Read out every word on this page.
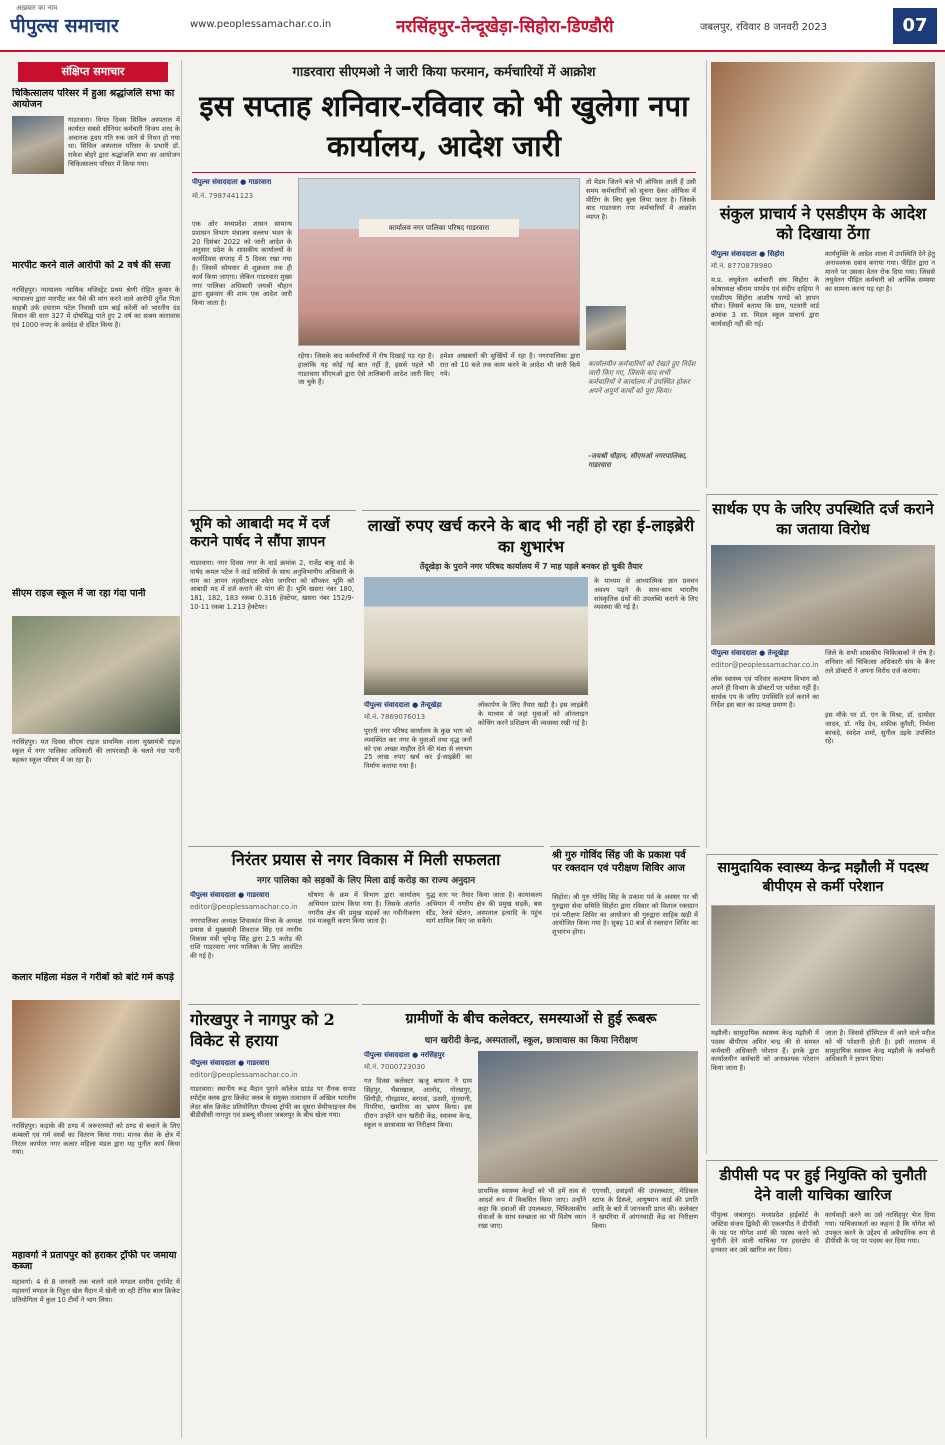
अख़बार का नाम
पीपुल्स समाचार	www.peoplessamachar.co.in	नरसिंहपुर-तेन्दूखेड़ा-सिहोरा-डिण्डौरी	जबलपुर, रविवार 8 जनवरी 2023	07
संक्षिप्त समाचार
चिकित्सालय परिसर में हुआ श्रद्धांजलि सभा का आयोजन
गाडरवारा। विगत दिवस सिविल अस्पताल में कार्यरत सबसे सीनियर कर्मचारी विजय शरद के अचानक हृदय गति रुक जाने से निधन हो गया था। सिविल अस्पताल परिसर के प्रभारी डॉ. राकेश बोहरे द्वारा श्रद्धांजलि सभा का आयोजन चिकित्सालय परिसर में किया गया।
मारपीट करने वाले आरोपी को 2 वर्ष की सजा
नरसिंहपुर। न्यायालय न्यायिक मजिस्ट्रेट प्रथम श्रेणी रोहित कुमार के न्यायालय द्वारा मारपीट कर पैसे की मांग करने वाले आरोपी दुर्गेश पिता साहबी उर्फ दयाराम पटेल निवासी ग्राम बाई करेली को भारतीय दंड विधान की धारा 327 में दोषसिद्ध पाते हुए 2 वर्ष का सश्रम कारावास एवं 1000 रुपए के अर्थदंड से दंडित किया है।
सीएम राइज स्कूल में जा रहा गंदा पानी
नरसिंहपुर। मत दिवस सीएम राइज प्राथमिक शाला मुख्यमंत्री राइज स्कूल में नगर पालिका अधिकारी की लापरवाही के चलते गंदा पानी बहकर स्कूल परिसर में जा रहा है।
कलार महिला मंडल ने गरीबों को बांटे गर्म कपड़े
नरसिंहपुर। कड़ाके की ठण्ड में जरूरतमंदों को ठण्ड से बचाने के लिए कम्बलों एवं गर्म वस्त्रों का वितरण किया गया। मानव सेवा के क्षेत्र में निरंतर कार्यरत नगर कलार महिला मंडल द्वारा यह पुनीत कार्य किया गया।
महावर्गा ने प्रतापपुर को हराकर ट्रॉफी पर जमाया कब्जा
महावर्गा। 4 से 8 जनवरी तक चलने वाले मण्डल स्तरीय टूर्नामेंट में महावर्गा मण्डल के निहुरा खेल मैदान में खेली जा रही टेनिस बाल क्रिकेट प्रतियोगिता में कुल 10 टीमों ने भाग लिया।
गाडरवारा सीएमओ ने जारी किया फरमान, कर्मचारियों में आक्रोश
इस सप्ताह शनिवार-रविवार को भी खुलेगा नपा कार्यालय, आदेश जारी
पीपुल्स संवाददाता ● गाडरवारा
मो.नं. 7987441123
एक ओर मध्यप्रदेश शासन सामान्य प्रशासन विभाग मंत्रालय वल्लभ भवन के 20 दिसंबर 2022 को जारी आदेश के अनुसार प्रदेश के शासकीय कार्यालयों के कार्यदिवस सप्ताह में 5 दिवस रखा गया है। जिसमें सोमवार से शुक्रवार तक ही कार्य किया जाएगा। लेकिन गाडरवारा मुख्य नगर पालिका अधिकारी जयश्री चौहान द्वारा शुक्रवार की शाम एक आदेश जारी किया जाता है।
कार्यालय नगर पालिका परिषद गाडरवारा
रहेगा। जिसके बाद कर्मचारियों में रोष दिखाई पड़ रहा है। हालांकि यह कोई नई बात नहीं है, इससे पहले भी गाडरवारा सीएमओ द्वारा ऐसे तालिबानी आदेश जारी किए जा चुके हैं।
हमेशा अखबारों की सुर्खियों में रहा है। नगरपालिका द्वारा रात को 10 बजे तक काम करने के आदेश भी जारी किये गये।
तो मेडम जितने बजे भी ऑफिस आती हैं उसी समय कर्मचारियों को सूचना देकर ऑफिस में मीटिंग के लिए बुला लिया जाता है। जिसके बाद गाडरवारा नपा कर्मचारियों में आक्रोश व्याप्त है।
कार्यालयीन कर्मचारियों को देखते हुए निर्देश जारी किए गए, जिसके बाद सभी कर्मचारियों ने कार्यालय में उपस्थित होकर अपने अपूर्ण कार्यों को पूरा किया।
-जयश्री चौहान, सीएमओ नगरपालिका, गाडरवारा
संकुल प्राचार्य ने एसडीएम के आदेश को दिखाया ठेंगा
पीपुल्स संवाददाता ● सिहोरा
मो.नं. 8770878980
म.प्र. लघुवेतन कर्मचारी संघ सिहोरा के कोषाध्यक्ष श्रीराम पाण्डेय एवं संदीप दाहिया ने एसडीएम सिहोरा आशीष पाण्डे को ज्ञापन सौंपा। जिसमें बताया कि ग्राम, पटवारी वार्ड क्रमांक 3 शा. मिडल स्कूल प्राचार्य द्वारा कार्यवाही नहीं की गई।
कार्यमुक्ति के आदेश शाला में उपस्थिति देने हेतु अनावश्यक दबाव बनाया गया। पीड़ित द्वारा न मानने पर उसका वेतन रोक दिया गया। जिससे लघुवेतन पीड़ित कर्मचारी को आर्थिक समस्या का सामना करना पड़ रहा है।
भूमि को आबादी मद में दर्ज कराने पार्षद ने सौंपा ज्ञापन
गाडरवारा। नगर दिवस नगर के वार्ड क्रमांक 2, राजेंद्र बाबू वार्ड के पार्षद कमल पटेल ने वार्ड वासियों के साथ अनुविभागीय अधिकारी के नाम का ज्ञापन तहसीलदार श्वेता जगरिया को सौंपकर भूमि को आबादी मद में दर्ज कराने की मांग की है। भूमि खसरा नंबर 180, 181, 182, 183 रकबा 0.316 हेक्टेयर, खसरा नंबर 152/9-10-11 रकबा 1.213 हेक्टेयर।
लाखों रुपए खर्च करने के बाद भी नहीं हो रहा ई-लाइब्रेरी का शुभारंभ
तेंदूखेड़ा के पुराने नगर परिषद कार्यालय में 7 माह पहले बनकर हो चुकी तैयार
पीपुल्स संवाददाता ● तेन्दूखेड़ा
मो.नं. 7869076013
पुरानी नगर परिषद कार्यालय के कुछ भाग को व्यवस्थित कर नगर के युवाओं तथा वृद्ध जनों को एक अच्छा माहौल देने की मंशा से लगभग 25 लाख रुपए खर्च कर ई-लाइब्रेरी का निर्माण कराया गया है।
लोकार्पण के लिए तैयार खड़ी है। इस लाइब्रेरी के माध्यम से जहां युवाओं को ऑनलाइन कोचिंग करने प्रशिक्षण की व्यवस्था रखी गई है।
के माध्यम से आध्यात्मिक ज्ञान प्रवचन अवश्य पढ़ने के साथ-साथ भारतीय सांस्कृतिक ग्रंथों की उपलब्धि कराने के लिए व्यवस्था की गई है।
सार्थक एप के जरिए उपस्थिति दर्ज कराने का जताया विरोध
पीपुल्स संवाददाता ● तेन्दूखेड़ा
editor@peoplessamachar.co.in
जिले के सभी शासकीय चिकित्सकों ने रोष है। शनिवार को चिकित्सा अधिकारी संघ के बैनर तले डॉक्टरों ने अपना विरोध दर्ज कराया।
लोक स्वास्थ्य एवं परिवार कल्याण विभाग को अपने ही विभाग के डॉक्टरों पर भरोसा नहीं है। सार्थक एप के जरिए उपस्थिति दर्ज कराने का निर्देश इस बात का प्रत्यक्ष प्रमाण है।
इस मौके पर डॉ. एन के मिश्रा, डॉ. दामोदर जादव, डॉ. नरेंद्र देव, शफ़ीक कुरैशी, निर्मला बरकड़े, स्वदेश शर्मा, सुनील उइके उपस्थित रहे।
निरंतर प्रयास से नगर विकास में मिली सफलता
नगर पालिका को सड़कों के लिए मिला ढाई करोड़ का राज्य अनुदान
पीपुल्स संवाददाता ● गाडरवारा
editor@peoplessamachar.co.in
नगरपालिका अध्यक्ष शिवाकांत मिश्रा के अध्यक्ष प्रयास से मुख्यमंत्री शिवराज सिंह एवं नगरीय विकास मंत्री भूपेन्द्र सिंह द्वारा 2.5 करोड़ की राशि गाडरवारा नगर पालिका के लिए आवंटित की गई है।
घोषणा के क्रम में विभाग द्वारा कार्यालय अभियान प्रारंभ किया गया है। जिसके अंतर्गत नगरीय क्षेत्र की प्रमुख सड़कों का नवीनीकरण एवं मजबूती करण किया जाता है।
युद्ध स्तर पर तैयार किया जाता है। कायाकल्प अभियान में नगरीय क्षेत्र की प्रमुख सड़कें, बस स्टैंड, रेलवे स्टेशन, अस्पताल इत्यादि के पहुंच मार्ग शामिल किए जा सकेंगे।
श्री गुरु गोविंद सिंह जी के प्रकाश पर्व पर रक्तदान एवं परीक्षण शिविर आज
सिहोरा। श्री गुरु गोविंद सिंह के प्रकाश पर्व के अवसर पर श्री गुरुद्वारा सेवा समिति सिहोरा द्वारा रविवार को विशाल रक्तदान एवं परीक्षण शिविर का आयोजन श्री गुरुद्वारा साहिब खड़ी में आयोजित किया गया है। सुबह 10 बजे से रक्तदान शिविर का शुभारंभ होगा।
सामुदायिक स्वास्थ्य केन्द्र मझौली में पदस्थ बीपीएम से कर्मी परेशान
मझौली। सामुदायिक स्वास्थ्य केन्द्र मझौली में पदस्थ बीपीएम अमित चन्द्र की से समस्त कर्मचारी अधिकारी परेशान हैं। इनके द्वारा कार्यालयीन कर्मचारी को अनावश्यक परेशान किया जाता है।
जाता है। जिससे हॉस्पिटल में आने वाले मरीज को भी परेशानी होती है। इसी तारतम्य में सामुदायिक स्वास्थ्य केन्द्र मझौली के कर्मचारी अधिकारी ने ज्ञापन दिया।
गोरखपुर ने नागपुर को 2 विकेट से हराया
पीपुल्स संवाददाता ● गाडरवारा
editor@peoplessamachar.co.in
गाडरवारा। स्थानीय रूद्र मैदान पुराने कॉलेज ग्राउंड पर रौनक सपाट स्पोर्ट्स क्लब द्वारा क्रिकेट क्लब के संयुक्त तत्वाधान में अखिल भारतीय लेदर बॉल क्रिकेट प्रतियोगिता पीपल्स ट्रॉफी का दूसरा सेमीफाइनल मैच बीडीसीसी नागपुर एवं डब्ल्यू सीआर जबलपुर के बीच खेला गया।
ग्रामीणों के बीच कलेक्टर, समस्याओं से हुई रूबरू
धान खरीदी केन्द्र, अस्पतालों, स्कूल, छात्रावास का किया निरीक्षण
पीपुल्स संवाददाता ● नरसिंहपुर
मो.नं. 7000723030
गत दिवस कलेक्टर ऋजु बाफना ने ग्राम सिंहपुर, भैंसाखाल, आलोद, गोरखपुर, सिंगौड़ी, गौरझामर, बरगवां, ऊसरी, मुंगवानी, पिपरिया, खमरिया का भ्रमण किया। इस दौरान उन्होंने धान खरीदी केंद्र, स्वास्थ्य केन्द्र, स्कूल व छात्रावास का निरीक्षण किया।
प्राथमिक स्वास्थ्य केन्द्रों को भी हमें तत्व से आदर्श रूप में विकसित किया जाए। उन्होंने कहा कि दवाओं की उपलब्धता, चिकित्सकीय सेवाओं के साथ स्वच्छता का भी विशेष ध्यान रखा जाए।
एएनसी, दवाइयों की उपलब्धता, मेडिकल स्टाफ के डिस्प्ले, आयुष्मान कार्ड की प्रगति आदि के बारे में जानकारी प्राप्त की। कलेक्टर ने खमरिया में आंगनवाड़ी केंद्र का निरीक्षण किया।
डीपीसी पद पर हुई नियुक्ति को चुनौती देने वाली याचिका खारिज
पीपुल्स जबलपुर। मध्यप्रदेश हाईकोर्ट के जस्टिस संजय द्विवेदी की एकलपीठ ने डीपीसी के पद पर योगेश शर्मा की पदस्थ करने को चुनौती देने वाली याचिका पर हस्तक्षेप से इनकार कर उसे खारिज कर दिया।
कार्यवाही करने का उसे नरसिंहपुर भेज दिया गया। याचिकाकर्ता का कहना है कि योगेश को उपकृत करने के उद्देश्य से अवैधानिक रूप से डीपीसी के पद पर पदस्थ कर दिया गया।
